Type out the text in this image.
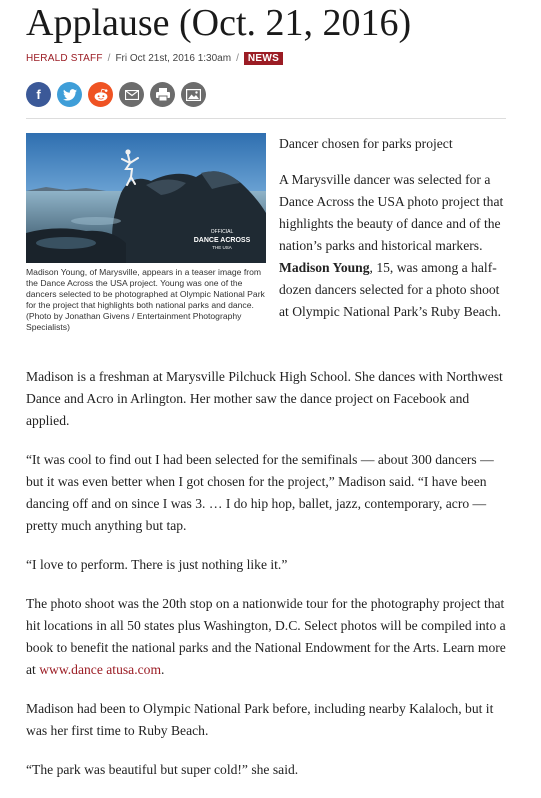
Applause (Oct. 21, 2016)
HERALD STAFF / Fri Oct 21st, 2016 1:30am / NEWS
f
OFFICIAL
DANCE ACROSS
THE USA
Madison Young, of Marysville, appears in a teaser image from the Dance Across the USA project. Young was one of the dancers selected to be photographed at Olympic National Park for the project that highlights both national parks and dance. (Photo by Jonathan Givens / Entertainment Photography Specialists)

Dancer chosen for parks project

A Marysville dancer was selected for a Dance Across the USA photo project that highlights the beauty of dance and of the nation’s parks and historical markers. Madison Young, 15, was among a half-dozen dancers selected for a photo shoot at Olympic National Park’s Ruby Beach.

Madison is a freshman at Marysville Pilchuck High School. She dances with Northwest Dance and Acro in Arlington. Her mother saw the dance project on Facebook and applied.

“It was cool to find out I had been selected for the semifinals — about 300 dancers — but it was even better when I got chosen for the project,” Madison said. “I have been dancing off and on since I was 3. … I do hip hop, ballet, jazz, contemporary, acro — pretty much anything but tap.

“I love to perform. There is just nothing like it.”

The photo shoot was the 20th stop on a nationwide tour for the photography project that hit locations in all 50 states plus Washington, D.C. Select photos will be compiled into a book to benefit the national parks and the National Endowment for the Arts. Learn more at www.dance atusa.com.

Madison had been to Olympic National Park before, including nearby Kalaloch, but it was her first time to Ruby Beach.

“The park was beautiful but super cold!” she said.
